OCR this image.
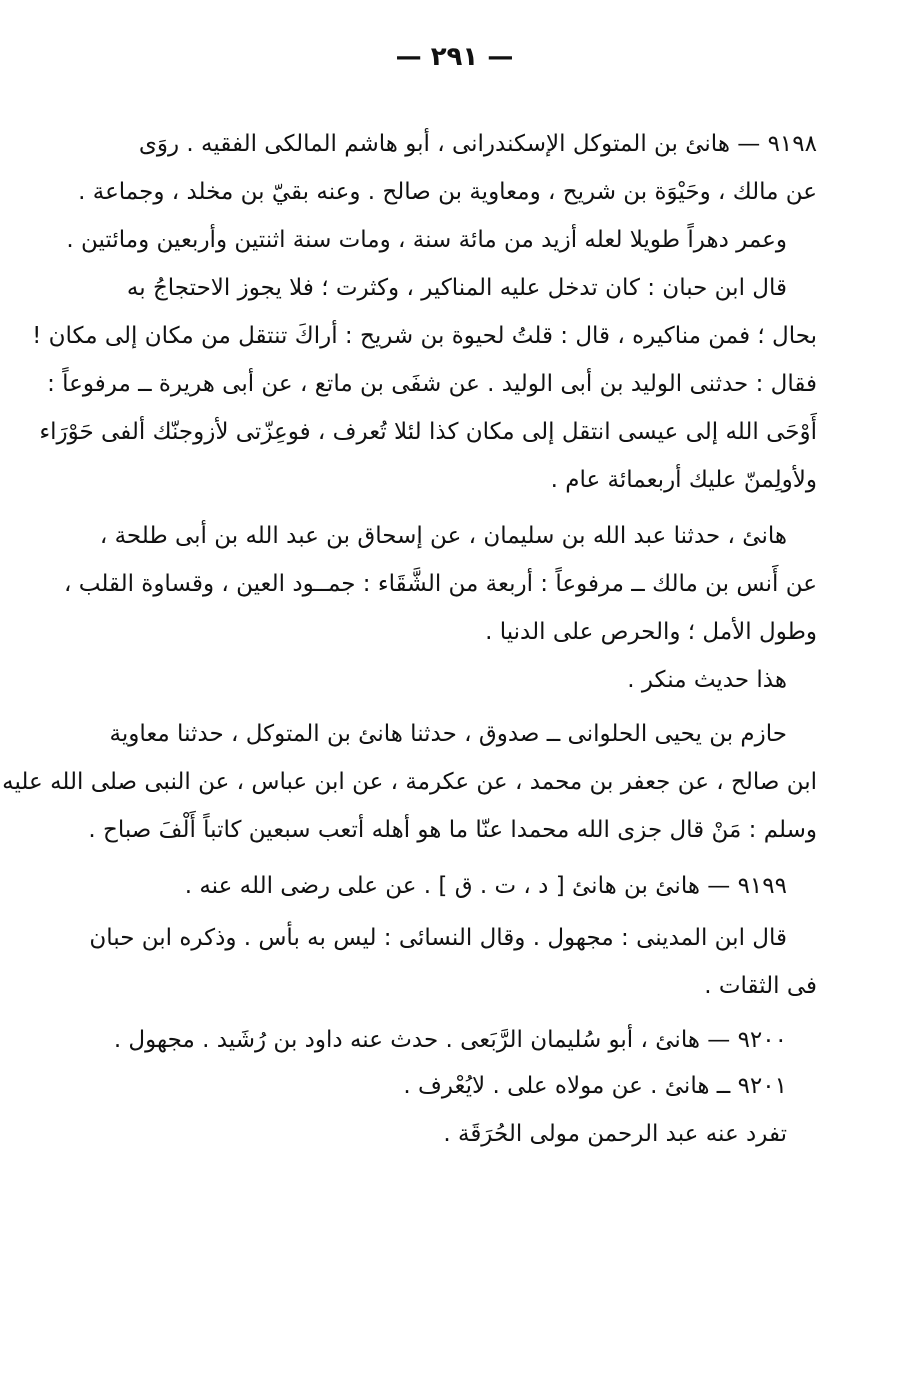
— ٢٩١ —
٩١٩٨ — هانئ بن المتوكل الإسكندرانى ، أبو هاشم المالكى الفقيه . روَى
عن مالك ، وحَيْوَة بن شريح ، ومعاوية بن صالح . وعنه بقيّ بن مخلد ، وجماعة .
وعمر دهراً طويلا لعله أزيد من مائة سنة ، ومات سنة اثنتين وأربعين ومائتين .
قال ابن حبان : كان تدخل عليه المناكير ، وكثرت ؛ فلا يجوز الاحتجاجُ به
بحال ؛ فمن مناكيره ، قال : قلتُ لحيوة بن شريح : أراكَ تنتقل من مكان إلى مكان !
فقال : حدثنى الوليد بن أبى الوليد . عن شفَى بن ماتع ، عن أبى هريرة ــ مرفوعاً :
أَوْحَى الله إلى عيسى انتقل إلى مكان كذا لئلا تُعرف ، فوعِزّتى لأزوجنّك ألفى حَوْرَاء
ولأولِمنّ عليك أربعمائة عام .
هانئ ، حدثنا عبد الله بن سليمان ، عن إسحاق بن عبد الله بن أبى طلحة ،
عن أَنس بن مالك ــ مرفوعاً : أربعة من الشَّقَاء : جمــود العين ، وقساوة القلب ،
وطول الأمل ؛ والحرص على الدنيا .
هذا حديث منكر .
حازم بن يحيى الحلوانى ــ صدوق ، حدثنا هانئ بن المتوكل ، حدثنا معاوية
ابن صالح ، عن جعفر بن محمد ، عن عكرمة ، عن ابن عباس ، عن النبى صلى الله عليه
وسلم : مَنْ قال جزى الله محمدا عنّا ما هو أهله أتعب سبعين كاتباً أَلْفَ صباح .
٩١٩٩ — هانئ بن هانئ [ د ، ت . ق ] . عن على رضى الله عنه .
قال ابن المدينى : مجهول . وقال النسائى : ليس به بأس . وذكره ابن حبان
فى الثقات .
٩٢٠٠ — هانئ ، أبو سُليمان الرَّبَعى . حدث عنه داود بن رُشَيد . مجهول .
٩٢٠١ ــ هانئ . عن مولاه على . لايُعْرف .
تفرد عنه عبد الرحمن مولى الحُرَقَة .
